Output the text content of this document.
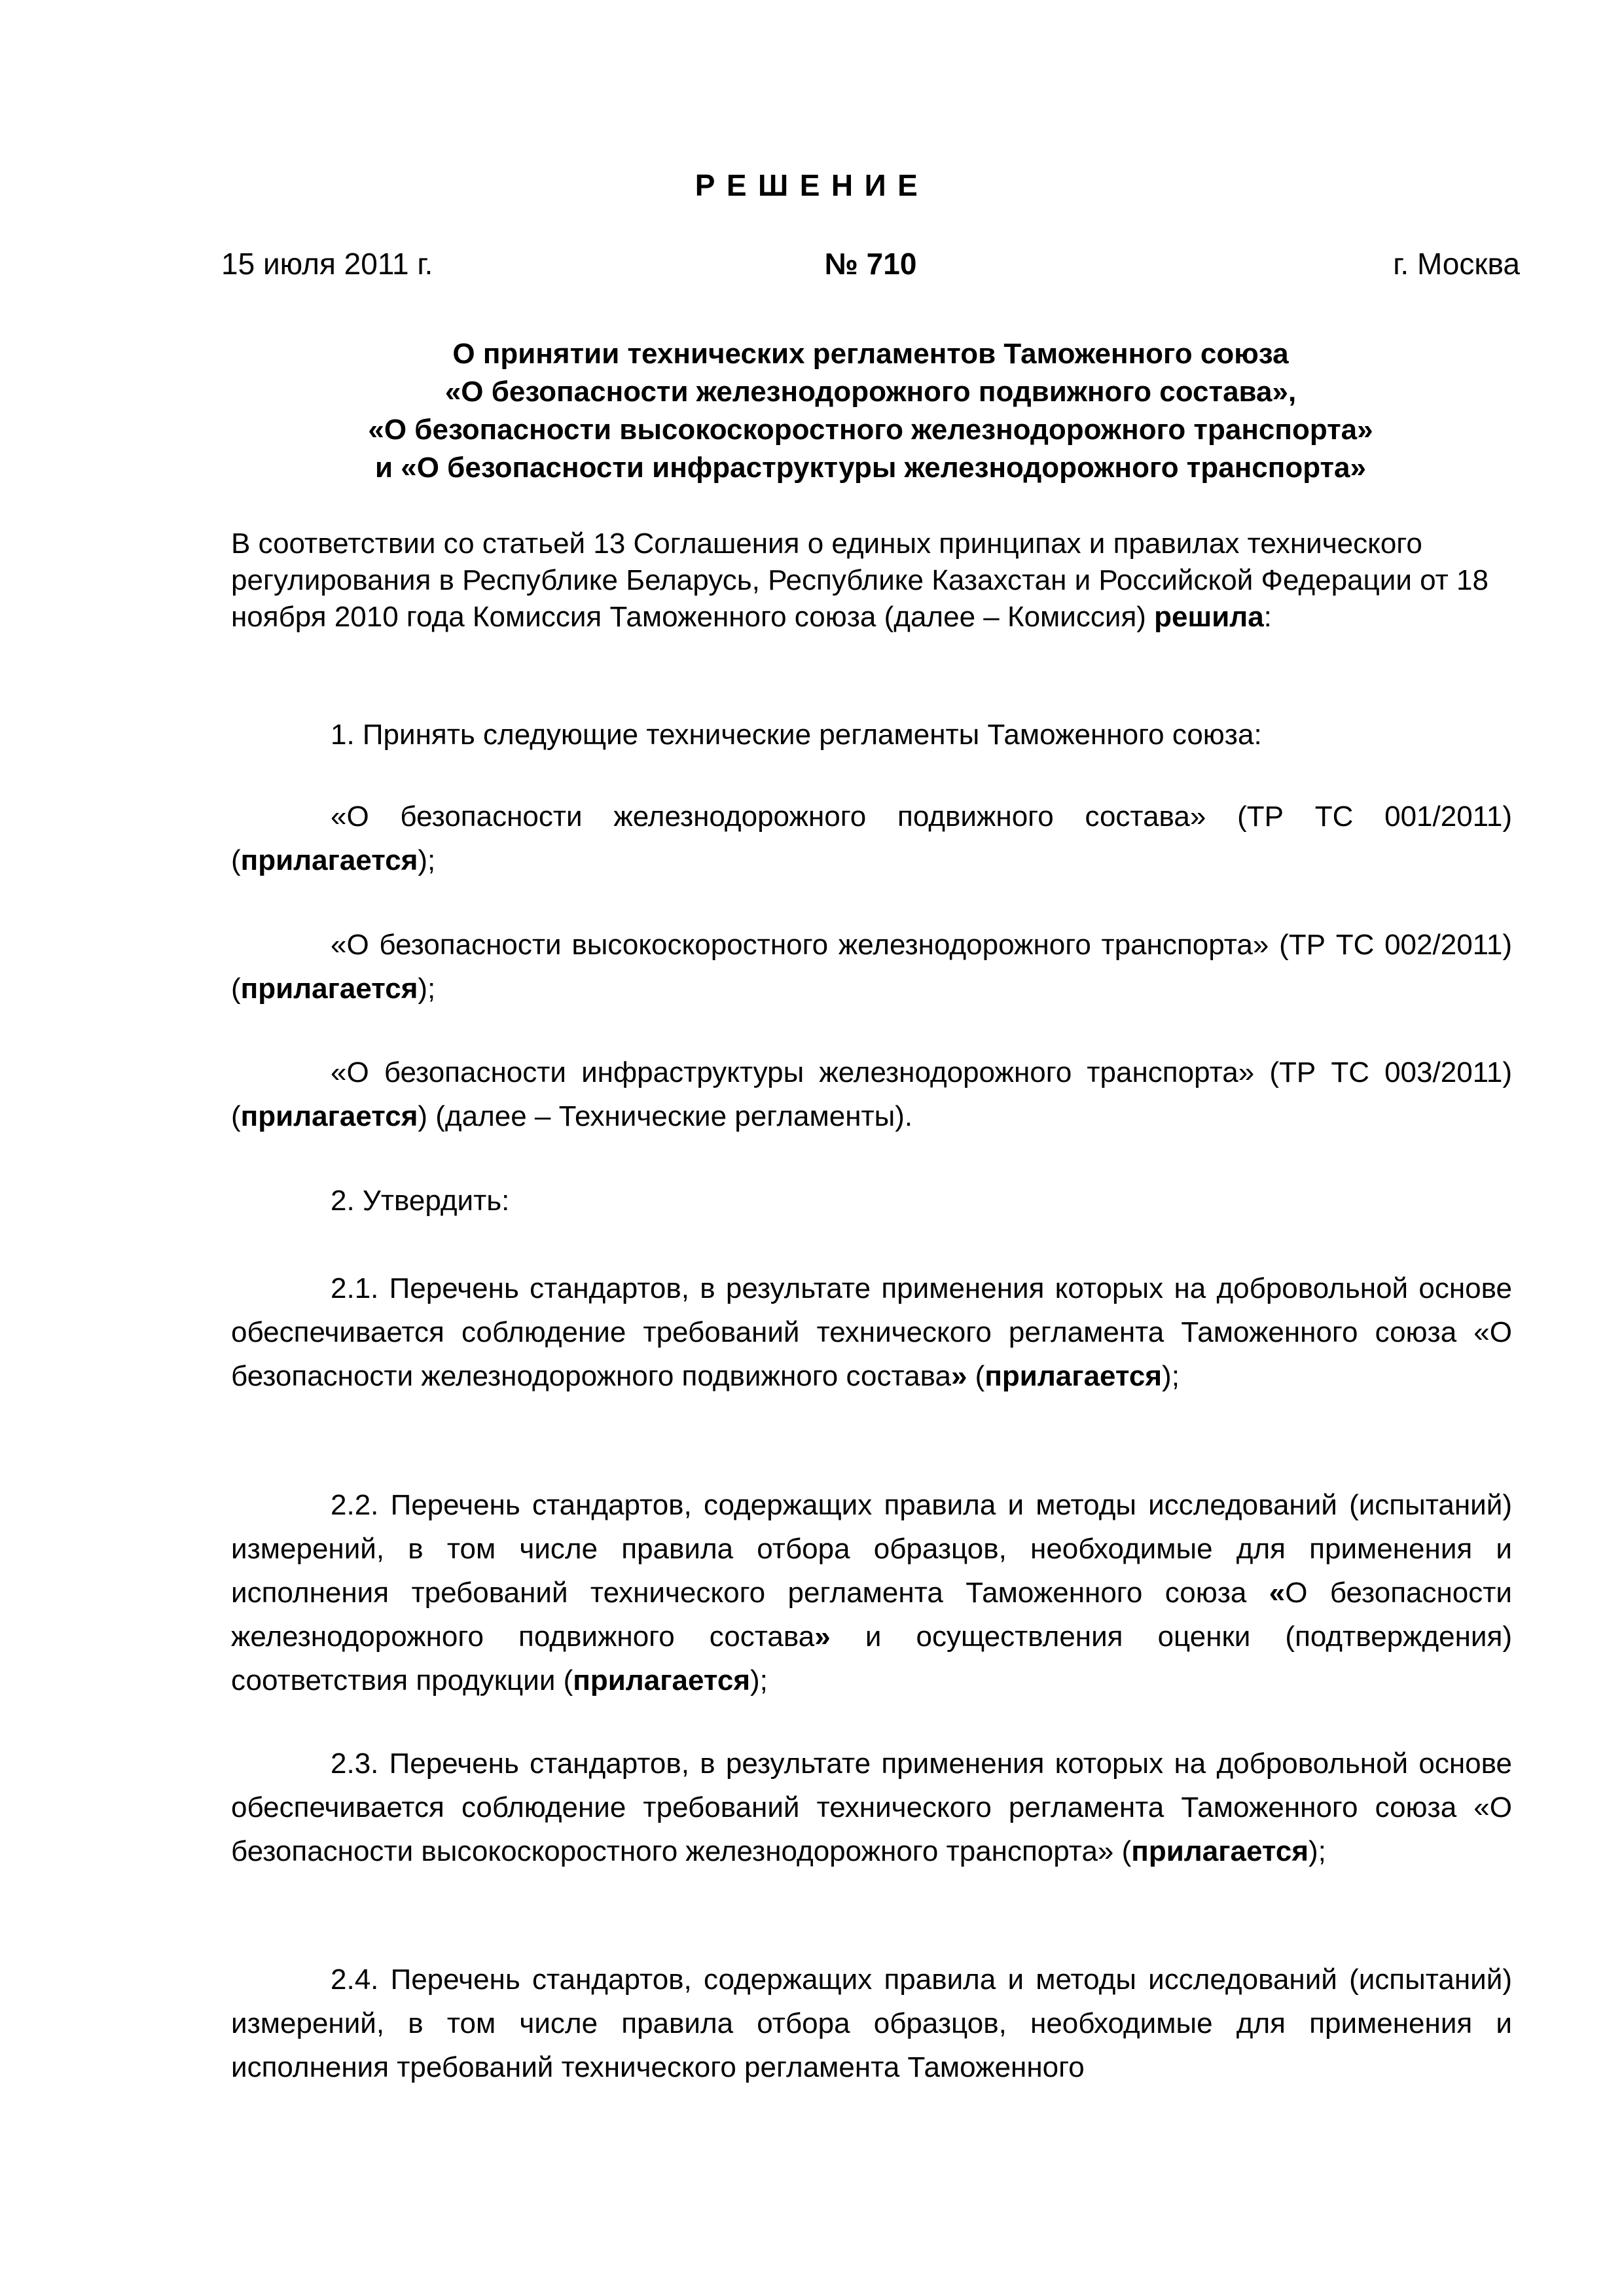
РЕШЕНИЕ
15 июля 2011 г.	№ 710	г. Москва
О принятии технических регламентов Таможенного союза
«О безопасности железнодорожного подвижного состава»,
«О безопасности высокоскоростного железнодорожного транспорта»
и «О безопасности инфраструктуры железнодорожного транспорта»

В соответствии со статьей 13 Соглашения о единых принципах и правилах технического регулирования в Республике Беларусь, Республике Казахстан и Российской Федерации от 18 ноября 2010 года Комиссия Таможенного союза (далее – Комиссия) решила:

1. Принять следующие технические регламенты Таможенного союза:

«О безопасности железнодорожного подвижного состава» (ТР ТС 001/2011) (прилагается);

«О безопасности высокоскоростного железнодорожного транспорта» (ТР ТС 002/2011) (прилагается);

«О безопасности инфраструктуры железнодорожного транспорта» (ТР ТС 003/2011) (прилагается) (далее – Технические регламенты).

2. Утвердить:

2.1. Перечень стандартов, в результате применения которых на добровольной основе обеспечивается соблюдение требований технического регламента Таможенного союза «О безопасности железнодорожного подвижного состава» (прилагается);

2.2. Перечень стандартов, содержащих правила и методы исследований (испытаний) измерений, в том числе правила отбора образцов, необходимые для применения и исполнения требований технического регламента Таможенного союза «О безопасности железнодорожного подвижного состава» и осуществления оценки (подтверждения) соответствия продукции (прилагается);

2.3. Перечень стандартов, в результате применения которых на добровольной основе обеспечивается соблюдение требований технического регламента Таможенного союза «О безопасности высокоскоростного железнодорожного транспорта» (прилагается);

2.4. Перечень стандартов, содержащих правила и методы исследований (испытаний) измерений, в том числе правила отбора образцов, необходимые для применения и исполнения требований технического регламента Таможенного
